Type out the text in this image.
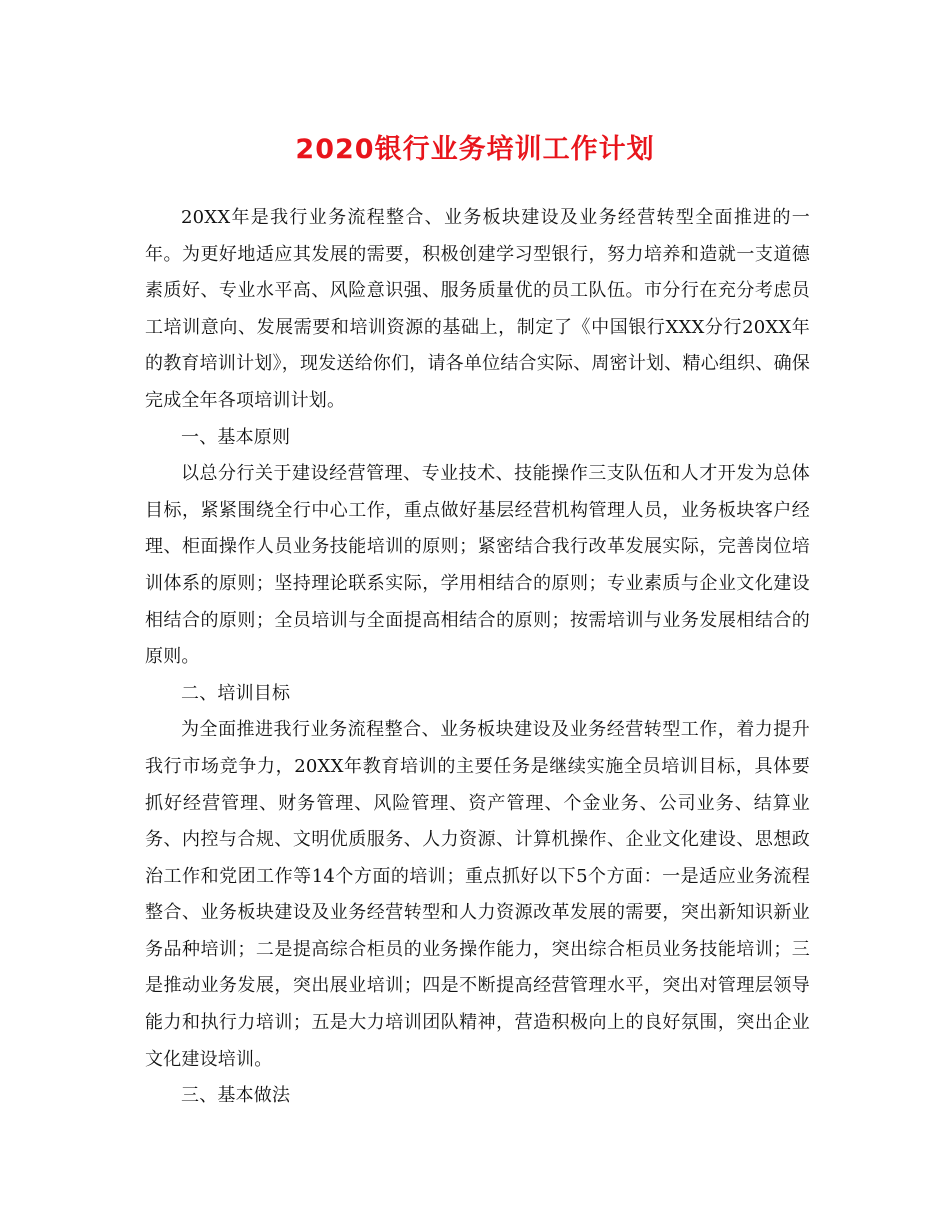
2020银行业务培训工作计划

20XX年是我行业务流程整合、业务板块建设及业务经营转型全面推进的一年。为更好地适应其发展的需要，积极创建学习型银行，努力培养和造就一支道德素质好、专业水平高、风险意识强、服务质量优的员工队伍。市分行在充分考虑员工培训意向、发展需要和培训资源的基础上，制定了《中国银行XXX分行20XX年的教育培训计划》，现发送给你们，请各单位结合实际、周密计划、精心组织、确保完成全年各项培训计划。

一、基本原则

以总分行关于建设经营管理、专业技术、技能操作三支队伍和人才开发为总体目标，紧紧围绕全行中心工作，重点做好基层经营机构管理人员，业务板块客户经理、柜面操作人员业务技能培训的原则；紧密结合我行改革发展实际，完善岗位培训体系的原则；坚持理论联系实际，学用相结合的原则；专业素质与企业文化建设相结合的原则；全员培训与全面提高相结合的原则；按需培训与业务发展相结合的原则。

二、培训目标

为全面推进我行业务流程整合、业务板块建设及业务经营转型工作，着力提升我行市场竞争力，20XX年教育培训的主要任务是继续实施全员培训目标，具体要抓好经营管理、财务管理、风险管理、资产管理、个金业务、公司业务、结算业务、内控与合规、文明优质服务、人力资源、计算机操作、企业文化建设、思想政治工作和党团工作等14个方面的培训；重点抓好以下5个方面：一是适应业务流程整合、业务板块建设及业务经营转型和人力资源改革发展的需要，突出新知识新业务品种培训；二是提高综合柜员的业务操作能力，突出综合柜员业务技能培训；三是推动业务发展，突出展业培训；四是不断提高经营管理水平，突出对管理层领导能力和执行力培训；五是大力培训团队精神，营造积极向上的良好氛围，突出企业文化建设培训。

三、基本做法
